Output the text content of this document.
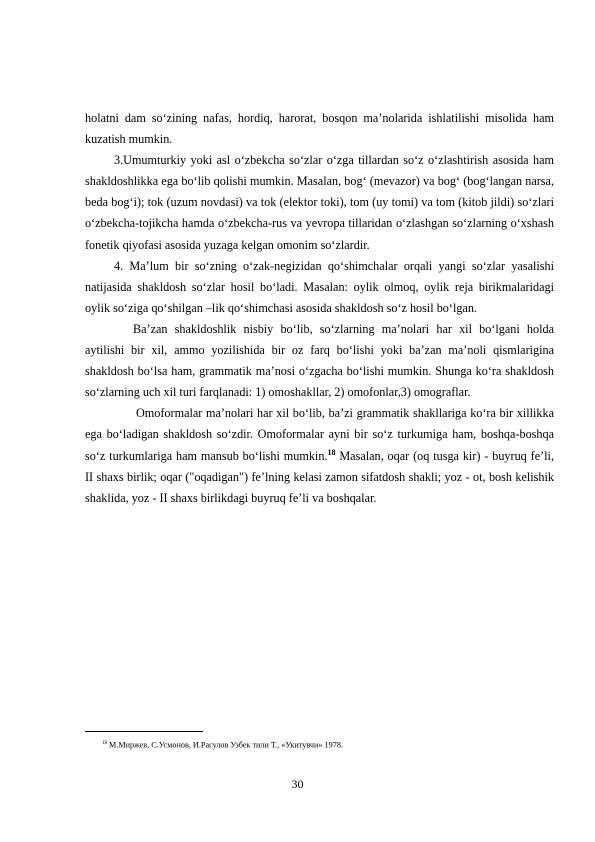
holatni dam so‘zining nafas, hordiq, harorat, bosqon ma’nolarida ishlatilishi misolida ham kuzatish mumkin.

3.Umumturkiy yoki asl o‘zbekcha so‘zlar o‘zga tillardan so‘z o‘zlashtirish asosida ham shakldoshlikka ega bo‘lib qolishi mumkin. Masalan, bog‘ (mevazor) va bog‘ (bog‘langan narsa, beda bog‘i); tok (uzum novdasi) va tok (elektor toki), tom (uy tomi) va tom (kitob jildi) so‘zlari o‘zbekcha-tojikcha hamda o‘zbekcha-rus va yevropa tillaridan o‘zlashgan so‘zlarning o‘xshash fonetik qiyofasi asosida yuzaga kelgan omonim so‘zlardir.

4. Ma’lum bir so‘zning o‘zak-negizidan qo‘shimchalar orqali yangi so‘zlar yasalishi natijasida shakldosh so‘zlar hosil bo‘ladi. Masalan: oylik olmoq, oylik reja birikmalaridagi oylik so‘ziga qo‘shilgan –lik qo‘shimchasi asosida shakldosh so‘z hosil bo‘lgan.

Ba’zan shakldoshlik nisbiy bo‘lib, so‘zlarning ma’nolari har xil bo‘lgani holda aytilishi bir xil, ammo yozilishida bir oz farq bo‘lishi yoki ba’zan ma’noli qismlarigina shakldosh bo‘lsa ham, grammatik ma’nosi o‘zgacha bo‘lishi mumkin. Shunga ko‘ra shakldosh so‘zlarning uch xil turi farqlanadi: 1) omoshakllar, 2) omofonlar,3) omograflar.

Omoformalar ma’nolari har xil bo‘lib, ba’zi grammatik shakllariga ko‘ra bir xillikka ega bo‘ladigan shakldosh so‘zdir. Omoformalar ayni bir so‘z turkumiga ham, boshqa-boshqa so‘z turkumlariga ham mansub bo‘lishi mumkin.$^{18}$ Masalan, oqar (oq tusga kir) - buyruq fe’li, II shaxs birlik; oqar ("oqadigan") fe’lning kelasi zamon sifatdosh shakli; yoz - ot, bosh kelishik shaklida, yoz - II shaxs birlikdagi buyruq fe’li va boshqalar.

$^{18}$ М.Миржев, С.Усмонов, И.Расулов Узбек тили Т., «Укитувчи» 1978.
30
